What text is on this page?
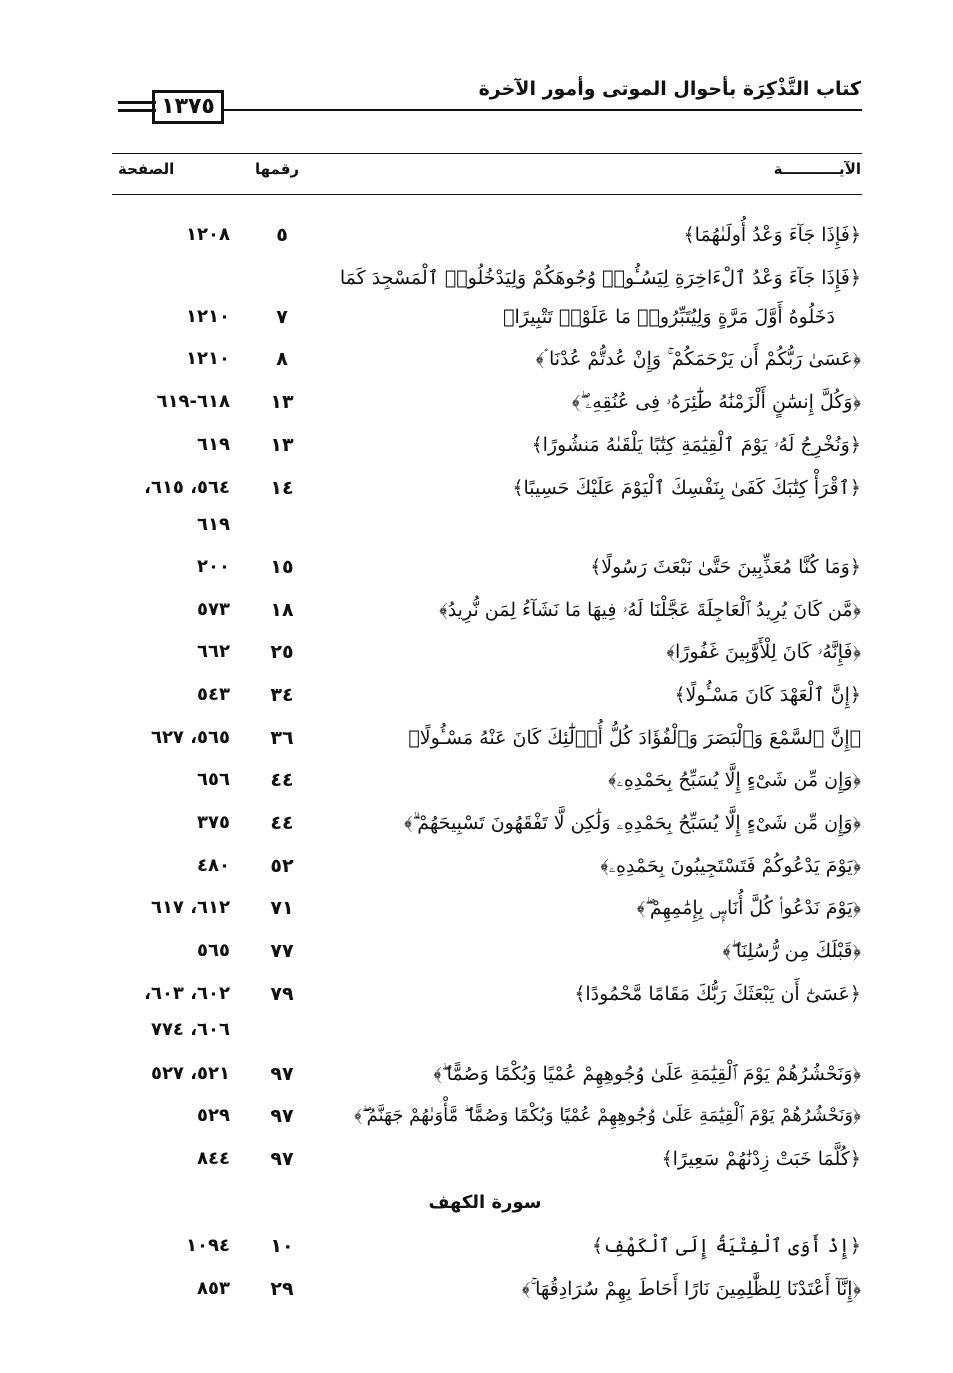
كتاب التَّذْكِرَة بأحوال الموتى وأمور الآخرة
١٣٧٥
الآيـــــــــــة
رقمها
الصفحة
﴿فَإِذَا جَآءَ وَعْدُ أُولَىٰهُمَا﴾
٥
١٢٠٨
﴿فَإِذَا جَآءَ وَعْدُ ٱلْءَاخِرَةِ لِيَسُـُٔوا۟ وُجُوهَكُمْ وَلِيَدْخُلُوا۟ ٱلْمَسْجِدَ كَمَا
دَخَلُوهُ أَوَّلَ مَرَّةٍ وَلِيُتَبِّرُوا۟ مَا عَلَوْا۟ تَتْبِيرًا﴾
٧
١٢١٠
﴿عَسَىٰ رَبُّكُمْ أَن يَرْحَمَكُمْ ۚ وَإِنْ عُدتُّمْ عُدْنَا ۘ﴾
٨
١٢١٠
﴿وَكُلَّ إِنسَٰنٍ أَلْزَمْنَٰهُ طَٰٓئِرَهُۥ فِى عُنُقِهِۦ ۖ﴾
١٣
٦١٨-٦١٩
﴿وَنُخْرِجُ لَهُۥ يَوْمَ ٱلْقِيَٰمَةِ كِتَٰبًا يَلْقَىٰهُ مَنشُورًا﴾
١٣
٦١٩
﴿ٱقْرَأْ كِتَٰبَكَ كَفَىٰ بِنَفْسِكَ ٱلْيَوْمَ عَلَيْكَ حَسِيبًا﴾
١٤
٥٦٤، ٦١٥،
٦١٩
﴿وَمَا كُنَّا مُعَذِّبِينَ حَتَّىٰ نَبْعَثَ رَسُولًا﴾
١٥
٢٠٠
﴿مَّن كَانَ يُرِيدُ ٱلْعَاجِلَةَ عَجَّلْنَا لَهُۥ فِيهَا مَا نَشَآءُ لِمَن نُّرِيدُ﴾
١٨
٥٧٣
﴿فَإِنَّهُۥ كَانَ لِلْأَوَّٰبِينَ غَفُورًا﴾
٢٥
٦٦٢
﴿إِنَّ ٱلْعَهْدَ كَانَ مَسْـُٔولًا﴾
٣٤
٥٤٣
﴿إِنَّ ٱلسَّمْعَ وَٱلْبَصَرَ وَٱلْفُؤَادَ كُلُّ أُو۟لَٰٓئِكَ كَانَ عَنْهُ مَسْـُٔولًا﴾
٣٦
٥٦٥، ٦٢٧
﴿وَإِن مِّن شَىْءٍ إِلَّا يُسَبِّحُ بِحَمْدِهِۦ﴾
٤٤
٦٥٦
﴿وَإِن مِّن شَىْءٍ إِلَّا يُسَبِّحُ بِحَمْدِهِۦ وَلَٰكِن لَّا تَفْقَهُونَ تَسْبِيحَهُمْ ۗ﴾
٤٤
٣٧٥
﴿يَوْمَ يَدْعُوكُمْ فَتَسْتَجِيبُونَ بِحَمْدِهِۦ﴾
٥٢
٤٨٠
﴿يَوْمَ نَدْعُوا۟ كُلَّ أُنَاسٍۭ بِإِمَٰمِهِمْ ۖ﴾
٧١
٦١٢، ٦١٧
﴿قَبْلَكَ مِن رُّسُلِنَا ۖ﴾
٧٧
٥٦٥
﴿عَسَىٰٓ أَن يَبْعَثَكَ رَبُّكَ مَقَامًا مَّحْمُودًا﴾
٧٩
٦٠٢، ٦٠٣،
٦٠٦، ٧٧٤
﴿وَنَحْشُرُهُمْ يَوْمَ ٱلْقِيَٰمَةِ عَلَىٰ وُجُوهِهِمْ عُمْيًا وَبُكْمًا وَصُمًّا ۖ﴾
٩٧
٥٢١، ٥٢٧
﴿وَنَحْشُرُهُمْ يَوْمَ ٱلْقِيَٰمَةِ عَلَىٰ وُجُوهِهِمْ عُمْيًا وَبُكْمًا وَصُمًّا ۖ مَّأْوَىٰهُمْ جَهَنَّمُ ۖ﴾
٩٧
٥٢٩
﴿كُلَّمَا خَبَتْ زِدْنَٰهُمْ سَعِيرًا﴾
٩٧
٨٤٤
سورة الكهف
﴿إِذْ أَوَى ٱلْفِتْيَةُ إِلَى ٱلْكَهْفِ﴾
١٠
١٠٩٤
﴿إِنَّآ أَعْتَدْنَا لِلظَّٰلِمِينَ نَارًا أَحَاطَ بِهِمْ سُرَادِقُهَا ۚ﴾
٢٩
٨٥٣
